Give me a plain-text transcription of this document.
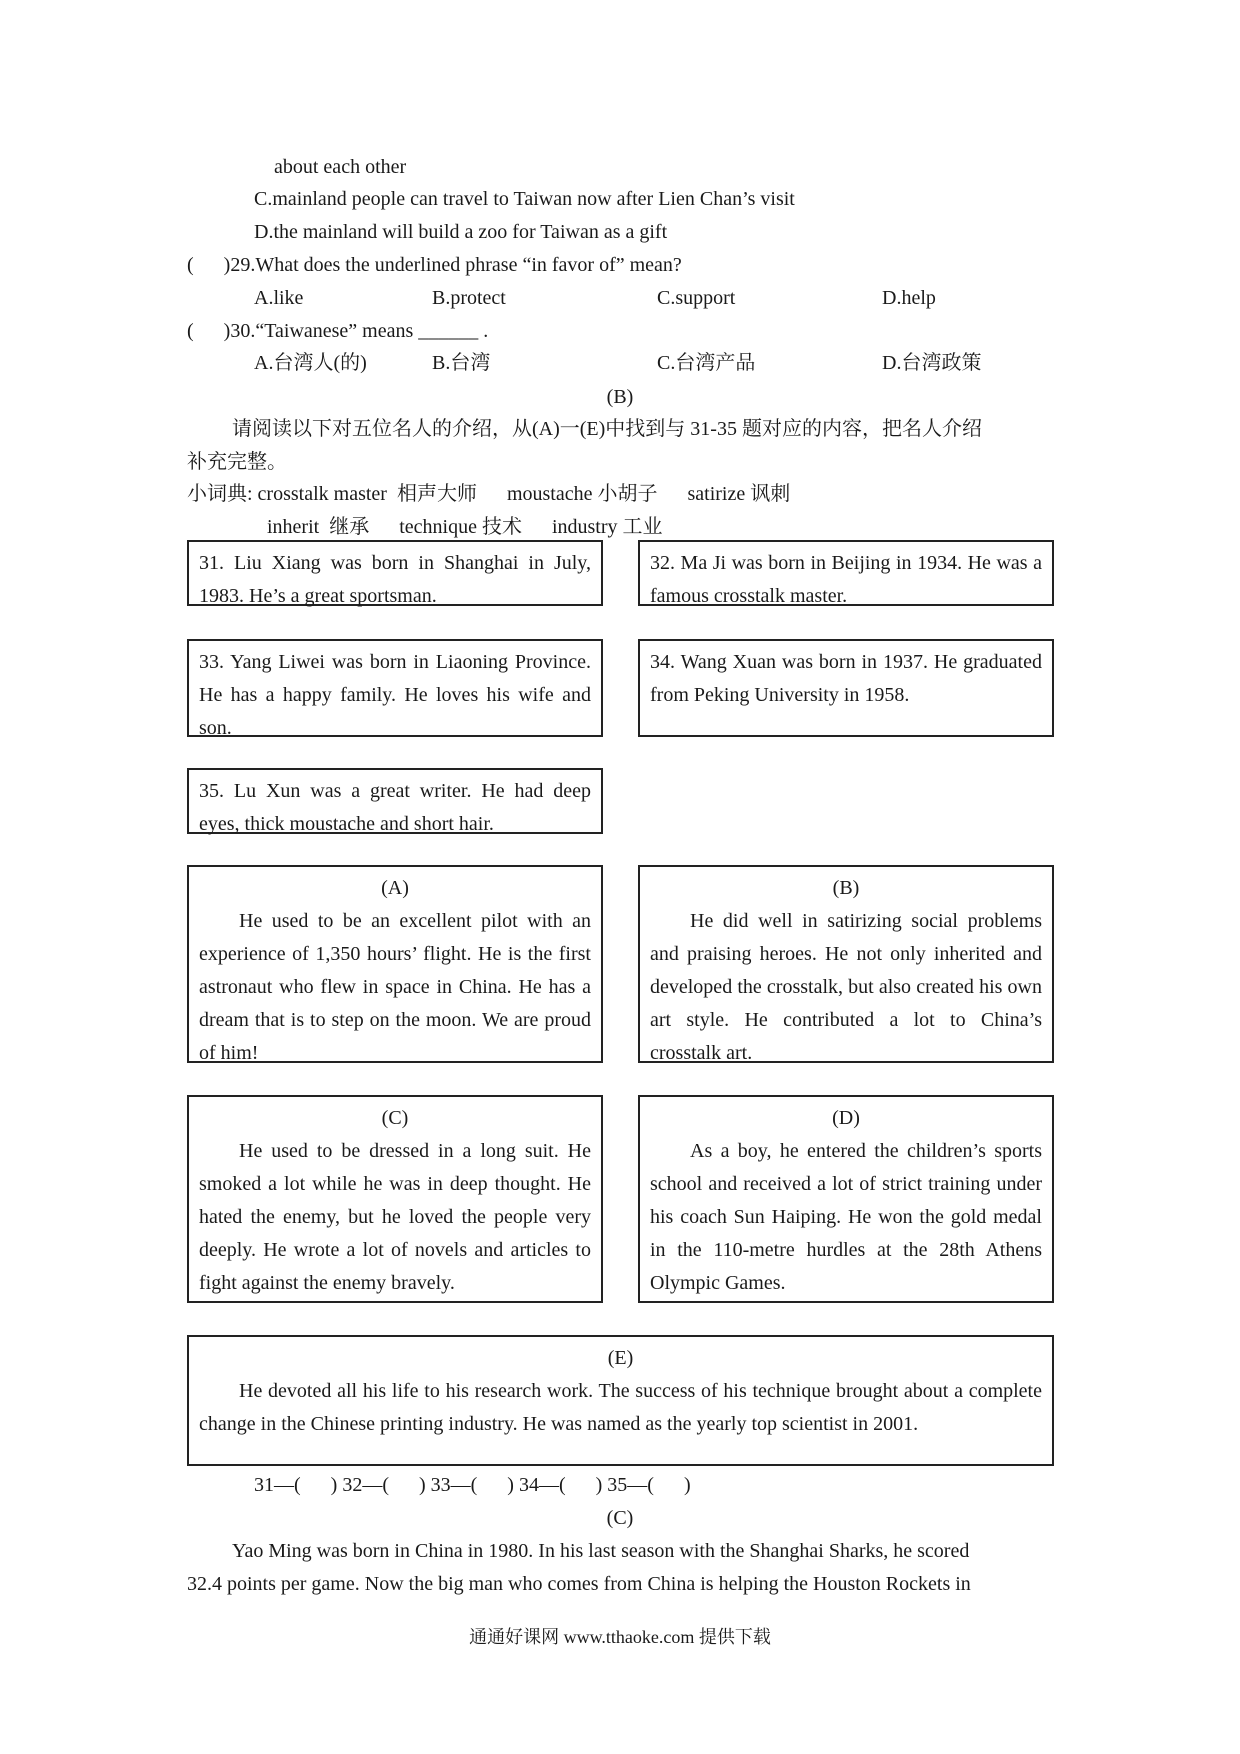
about each other
C.mainland people can travel to Taiwan now after Lien Chan’s visit
D.the mainland will build a zoo for Taiwan as a gift
(      )29.What does the underlined phrase “in favor of” mean?
A.like	B.protect	C.support	D.help
(      )30.“Taiwanese” means ______ .
A.台湾人(的)	B.台湾	C.台湾产品	D.台湾政策
(B)
请阅读以下对五位名人的介绍，从(A)一(E)中找到与 31-35 题对应的内容，把名人介绍
补充完整。
小词典: crosstalk master  相声大师      moustache 小胡子      satirize 讽刺
inherit  继承      technique 技术      industry 工业
31. Liu Xiang was born in Shanghai in July, 1983. He’s a great sportsman.
32. Ma Ji was born in Beijing in 1934. He was a famous crosstalk master.
33. Yang Liwei was born in Liaoning Province. He has a happy family. He loves his wife and son.
34. Wang Xuan was born in 1937. He graduated from Peking University in 1958.
35. Lu Xun was a great writer. He had deep eyes, thick moustache and short hair.
(A)
He used to be an excellent pilot with an experience of 1,350 hours’ flight. He is the first astronaut who flew in space in China. He has a dream that is to step on the moon. We are proud of him!
(B)
He did well in satirizing social problems and praising heroes. He not only inherited and developed the crosstalk, but also created his own art style. He contributed a lot to China’s crosstalk art.
(C)
He used to be dressed in a long suit. He smoked a lot while he was in deep thought. He hated the enemy, but he loved the people very deeply. He wrote a lot of novels and articles to fight against the enemy bravely.
(D)
As a boy, he entered the children’s sports school and received a lot of strict training under his coach Sun Haiping. He won the gold medal in the 110-metre hurdles at the 28th Athens Olympic Games.
(E)
He devoted all his life to his research work. The success of his technique brought about a complete change in the Chinese printing industry. He was named as the yearly top scientist in 2001.
31—(      ) 32—(      ) 33—(      ) 34—(      ) 35—(      )
(C)
Yao Ming was born in China in 1980. In his last season with the Shanghai Sharks, he scored
32.4 points per game. Now the big man who comes from China is helping the Houston Rockets in
通通好课网 www.tthaoke.com 提供下载
